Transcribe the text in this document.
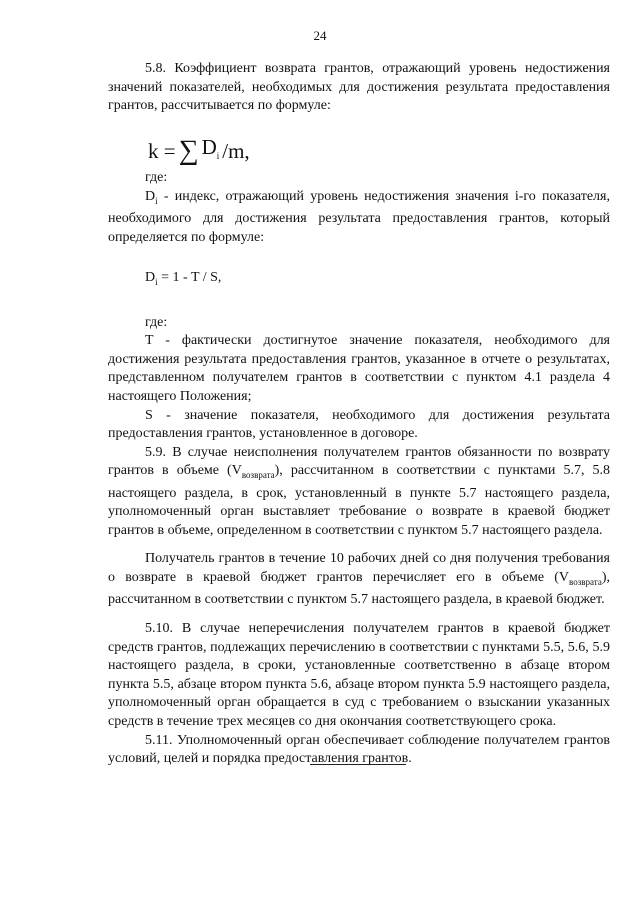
24

5.8. Коэффициент возврата грантов, отражающий уровень недостижения значений показателей, необходимых для достижения результата предоставления грантов, рассчитывается по формуле:

k = ∑ $D_i$ /m,

где:

$D_i$ - индекс, отражающий уровень недостижения значения i-го показателя, необходимого для достижения результата предоставления грантов, который определяется по формуле:

$D_i = 1 - T / S$,

где:

T - фактически достигнутое значение показателя, необходимого для достижения результата предоставления грантов, указанное в отчете о результатах, представленном получателем грантов в соответствии с пунктом 4.1 раздела 4 настоящего Положения;

S - значение показателя, необходимого для достижения результата предоставления грантов, установленное в договоре.

5.9. В случае неисполнения получателем грантов обязанности по возврату грантов в объеме $(V_{возврата})$, рассчитанном в соответствии с пунктами 5.7, 5.8 настоящего раздела, в срок, установленный в пункте 5.7 настоящего раздела, уполномоченный орган выставляет требование о возврате в краевой бюджет грантов в объеме, определенном в соответствии с пунктом 5.7 настоящего раздела.

Получатель грантов в течение 10 рабочих дней со дня получения требования о возврате в краевой бюджет грантов перечисляет его в объеме $(V_{возврата})$, рассчитанном в соответствии с пунктом 5.7 настоящего раздела, в краевой бюджет.

5.10. В случае неперечисления получателем грантов в краевой бюджет средств грантов, подлежащих перечислению в соответствии с пунктами 5.5, 5.6, 5.9 настоящего раздела, в сроки, установленные соответственно в абзаце втором пункта 5.5, абзаце втором пункта 5.6, абзаце втором пункта 5.9 настоящего раздела, уполномоченный орган обращается в суд с требованием о взыскании указанных средств в течение трех месяцев со дня окончания соответствующего срока.

5.11. Уполномоченный орган обеспечивает соблюдение получателем грантов условий, целей и порядка предоставления грантов.
